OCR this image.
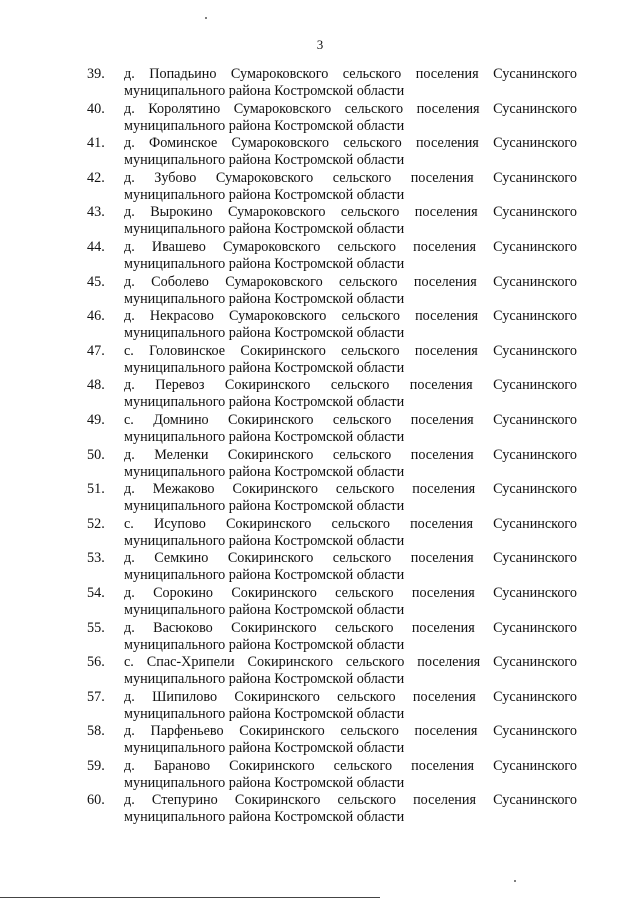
3
39.	д. Попадьино Сумароковского сельского поселения Сусанинского
муниципального района Костромской области
40.	д. Королятино Сумароковского сельского поселения Сусанинского
муниципального района Костромской области
41.	д. Фоминское Сумароковского сельского поселения Сусанинского
муниципального района Костромской области
42.	д. Зубово Сумароковского сельского поселения Сусанинского
муниципального района Костромской области
43.	д. Вырокино Сумароковского сельского поселения Сусанинского
муниципального района Костромской области
44.	д. Ивашево Сумароковского сельского поселения Сусанинского
муниципального района Костромской области
45.	д. Соболево Сумароковского сельского поселения Сусанинского
муниципального района Костромской области
46.	д. Некрасово Сумароковского сельского поселения Сусанинского
муниципального района Костромской области
47.	с. Головинское Сокиринского сельского поселения Сусанинского
муниципального района Костромской области
48.	д. Перевоз Сокиринского сельского поселения Сусанинского
муниципального района Костромской области
49.	с. Домнино Сокиринского сельского поселения Сусанинского
муниципального района Костромской области
50.	д. Меленки Сокиринского сельского поселения Сусанинского
муниципального района Костромской области
51.	д. Межаково Сокиринского сельского поселения Сусанинского
муниципального района Костромской области
52.	с. Исупово Сокиринского сельского поселения Сусанинского
муниципального района Костромской области
53.	д. Семкино Сокиринского сельского поселения Сусанинского
муниципального района Костромской области
54.	д. Сорокино Сокиринского сельского поселения Сусанинского
муниципального района Костромской области
55.	д. Васюково Сокиринского сельского поселения Сусанинского
муниципального района Костромской области
56.	с. Спас-Хрипели Сокиринского сельского поселения Сусанинского
муниципального района Костромской области
57.	д. Шипилово Сокиринского сельского поселения Сусанинского
муниципального района Костромской области
58.	д. Парфеньево Сокиринского сельского поселения Сусанинского
муниципального района Костромской области
59.	д. Бараново Сокиринского сельского поселения Сусанинского
муниципального района Костромской области
60.	д. Степурино Сокиринского сельского поселения Сусанинского
муниципального района Костромской области
